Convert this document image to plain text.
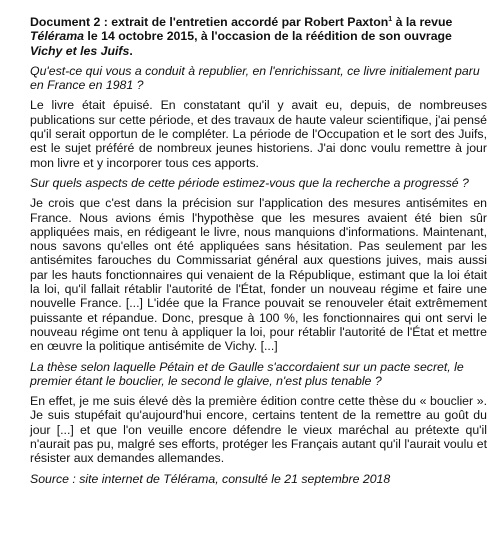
Document 2 : extrait de l'entretien accordé par Robert Paxton$^1$ à la revue Télérama le 14 octobre 2015, à l'occasion de la réédition de son ouvrage Vichy et les Juifs.

Qu'est-ce qui vous a conduit à republier, en l'enrichissant, ce livre initialement paru en France en 1981 ?

Le livre était épuisé. En constatant qu'il y avait eu, depuis, de nombreuses publications sur cette période, et des travaux de haute valeur scientifique, j'ai pensé qu'il serait opportun de le compléter. La période de l'Occupation et le sort des Juifs, est le sujet préféré de nombreux jeunes historiens. J'ai donc voulu remettre à jour mon livre et y incorporer tous ces apports.

Sur quels aspects de cette période estimez-vous que la recherche a progressé ?

Je crois que c'est dans la précision sur l'application des mesures antisémites en France. Nous avions émis l'hypothèse que les mesures avaient été bien sûr appliquées mais, en rédigeant le livre, nous manquions d'informations. Maintenant, nous savons qu'elles ont été appliquées sans hésitation. Pas seulement par les antisémites farouches du Commissariat général aux questions juives, mais aussi par les hauts fonctionnaires qui venaient de la République, estimant que la loi était la loi, qu'il fallait rétablir l'autorité de l'État, fonder un nouveau régime et faire une nouvelle France. [...] L'idée que la France pouvait se renouveler était extrêmement puissante et répandue. Donc, presque à 100 %, les fonctionnaires qui ont servi le nouveau régime ont tenu à appliquer la loi, pour rétablir l'autorité de l'État et mettre en œuvre la politique antisémite de Vichy. [...]

La thèse selon laquelle Pétain et de Gaulle s'accordaient sur un pacte secret, le premier étant le bouclier, le second le glaive, n'est plus tenable ?

En effet, je me suis élevé dès la première édition contre cette thèse du « bouclier ». Je suis stupéfait qu'aujourd'hui encore, certains tentent de la remettre au goût du jour [...] et que l'on veuille encore défendre le vieux maréchal au prétexte qu'il n'aurait pas pu, malgré ses efforts, protéger les Français autant qu'il l'aurait voulu et résister aux demandes allemandes.

Source : site internet de Télérama, consulté le 21 septembre 2018
